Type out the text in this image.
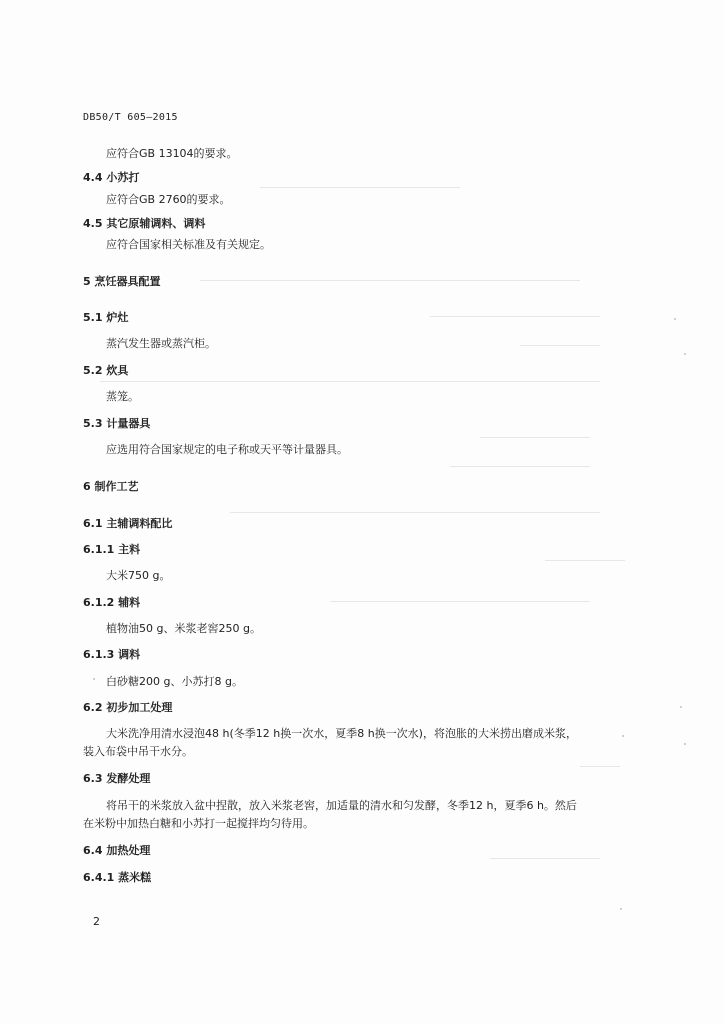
DB50/T 605—2015
应符合GB 13104的要求。
4.4 小苏打
应符合GB 2760的要求。
4.5 其它原辅调料、调料
应符合国家相关标准及有关规定。
5 烹饪器具配置
5.1 炉灶
蒸汽发生器或蒸汽柜。
5.2 炊具
蒸笼。
5.3 计量器具
应选用符合国家规定的电子称或天平等计量器具。
6 制作工艺
6.1 主辅调料配比
6.1.1 主料
大米750 g。
6.1.2 辅料
植物油50 g、米浆老窖250 g。
6.1.3 调料
白砂糖200 g、小苏打8 g。
6.2 初步加工处理
大米洗净用清水浸泡48 h(冬季12 h换一次水，夏季8 h换一次水)，将泡胀的大米捞出磨成米浆，
装入布袋中吊干水分。
6.3 发酵处理
将吊干的米浆放入盆中捏散，放入米浆老窖，加适量的清水和匀发酵，冬季12 h，夏季6 h。然后
在米粉中加热白糖和小苏打一起搅拌均匀待用。
6.4 加热处理
6.4.1 蒸米糕
2
